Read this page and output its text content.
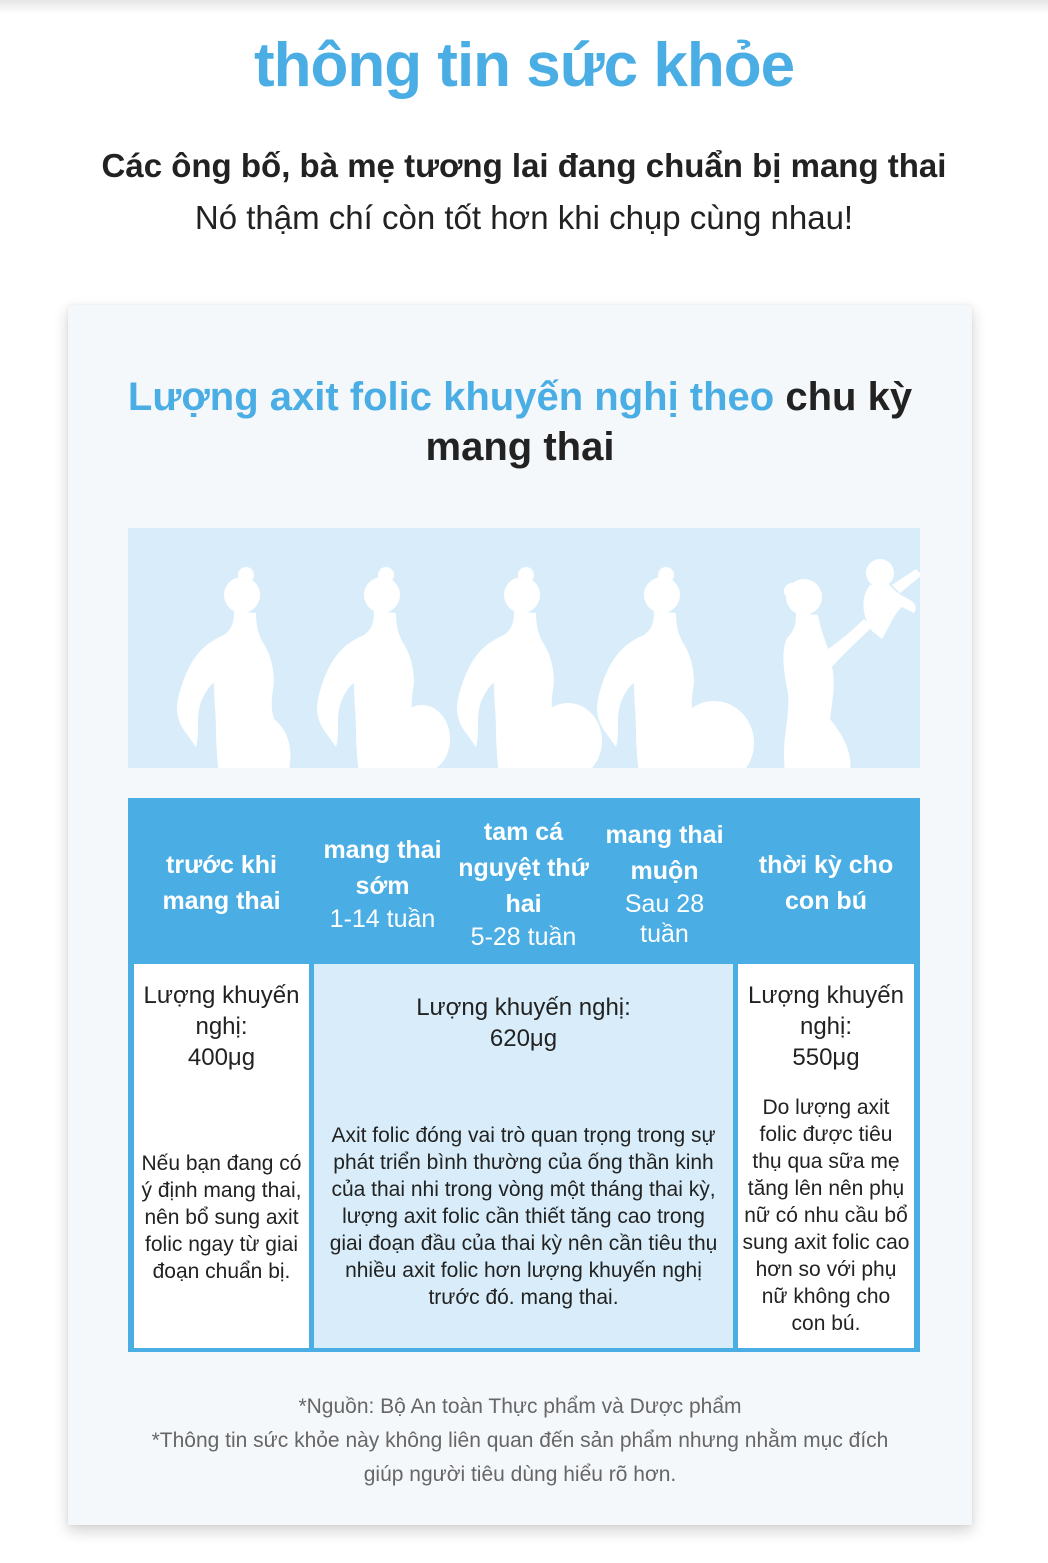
thông tin sức khỏe
Các ông bố, bà mẹ tương lai đang chuẩn bị mang thai
Nó thậm chí còn tốt hơn khi chụp cùng nhau!
Lượng axit folic khuyến nghị theo chu kỳ
mang thai
trước khi
mang thai
mang thai
sớm
1-14 tuần
tam cá
nguyệt thứ
hai
5-28 tuần
mang thai
muộn
Sau 28
tuần
thời kỳ cho
con bú
Lượng khuyến
nghị:
400μg
Nếu bạn đang có
ý định mang thai,
nên bổ sung axit
folic ngay từ giai
đoạn chuẩn bị.
Lượng khuyến nghị:
620μg
Axit folic đóng vai trò quan trọng trong sự
phát triển bình thường của ống thần kinh
của thai nhi trong vòng một tháng thai kỳ,
lượng axit folic cần thiết tăng cao trong
giai đoạn đầu của thai kỳ nên cần tiêu thụ
nhiều axit folic hơn lượng khuyến nghị
trước đó. mang thai.
Lượng khuyến
nghị:
550μg
Do lượng axit
folic được tiêu
thụ qua sữa mẹ
tăng lên nên phụ
nữ có nhu cầu bổ
sung axit folic cao
hơn so với phụ
nữ không cho
con bú.
*Nguồn: Bộ An toàn Thực phẩm và Dược phẩm
*Thông tin sức khỏe này không liên quan đến sản phẩm nhưng nhằm mục đích
giúp người tiêu dùng hiểu rõ hơn.
